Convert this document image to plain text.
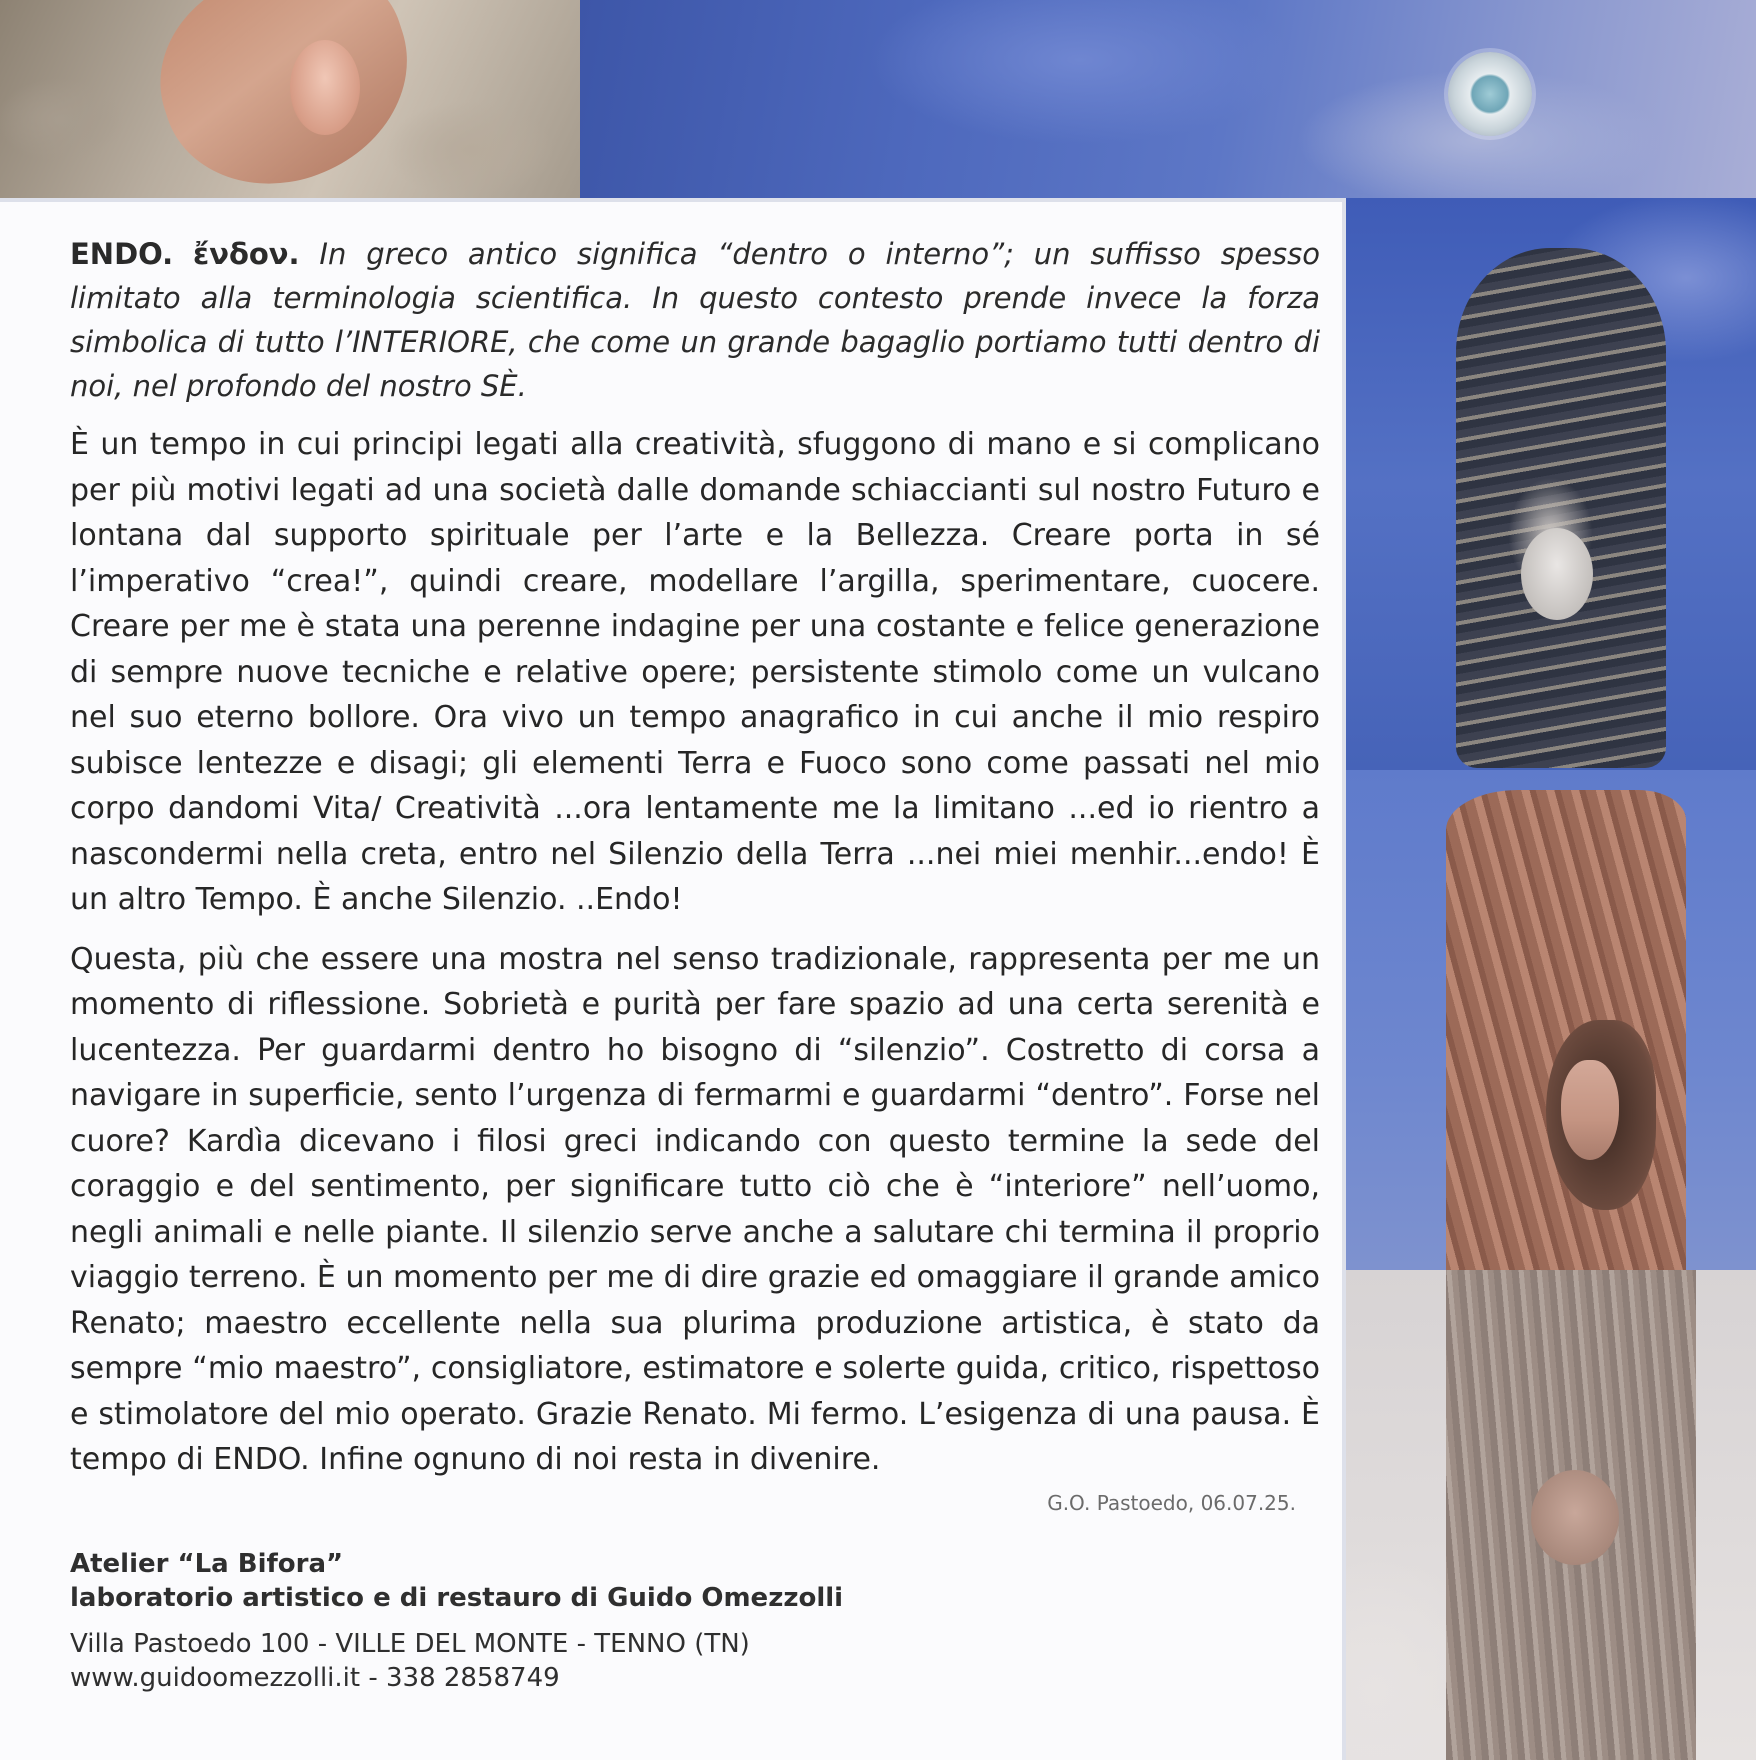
ENDO. ἔνδον. In greco antico significa “dentro o interno”; un suffisso spesso limitato alla terminologia scientifica. In questo contesto prende invece la forza simbolica di tutto l’INTERIORE, che come un grande bagaglio portiamo tutti dentro di noi, nel profondo del nostro SÈ.

È un tempo in cui principi legati alla creatività, sfuggono di mano e si complicano per più motivi legati ad una società dalle domande schiaccianti sul nostro Futuro e lontana dal supporto spirituale per l’arte e la Bellezza. Creare porta in sé l’imperativo “crea!”, quindi creare, modellare l’argilla, sperimentare, cuocere. Creare per me è stata una perenne indagine per una costante e felice generazione di sempre nuove tecniche e relative opere; persistente stimolo come un vulcano nel suo eterno bollore. Ora vivo un tempo anagrafico in cui anche il mio respiro subisce lentezze e disagi; gli elementi Terra e Fuoco sono come passati nel mio corpo dandomi Vita/ Creatività ...ora lentamente me la limitano ...ed io rientro a nascondermi nella creta, entro nel Silenzio della Terra ...nei miei menhir...endo! È un altro Tempo. È anche Silenzio. ..Endo!

Questa, più che essere una mostra nel senso tradizionale, rappresenta per me un momento di riflessione. Sobrietà e purità per fare spazio ad una certa serenità e lucentezza. Per guardarmi dentro ho bisogno di “silenzio”. Costretto di corsa a navigare in superficie, sento l’urgenza di fermarmi e guardarmi “dentro”. Forse nel cuore? Kardìa dicevano i filosi greci indicando con questo termine la sede del coraggio e del sentimento, per significare tutto ciò che è “interiore” nell’uomo, negli animali e nelle piante. Il silenzio serve anche a salutare chi termina il proprio viaggio terreno. È un momento per me di dire grazie ed omaggiare il grande amico Renato; maestro eccellente nella sua plurima produzione artistica, è stato da sempre “mio maestro”, consigliatore, estimatore e solerte guida, critico, rispettoso e stimolatore del mio operato. Grazie Renato. Mi fermo. L’esigenza di una pausa. È tempo di ENDO. Infine ognuno di noi resta in divenire.

G.O. Pastoedo, 06.07.25.
Atelier “La Bifora”
laboratorio artistico e di restauro di Guido Omezzolli
Villa Pastoedo 100 - VILLE DEL MONTE - TENNO (TN)
www.guidoomezzolli.it - 338 2858749
